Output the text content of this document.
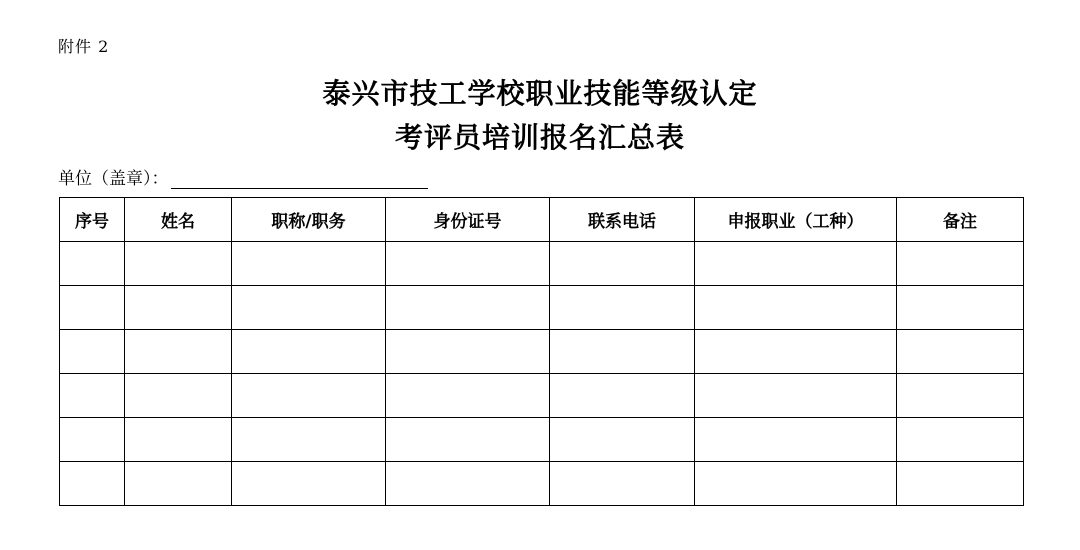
附件 2
泰兴市技工学校职业技能等级认定
考评员培训报名汇总表
单位（盖章）：
序号	姓名	职称/职务	身份证号	联系电话	申报职业（工种）	备注
